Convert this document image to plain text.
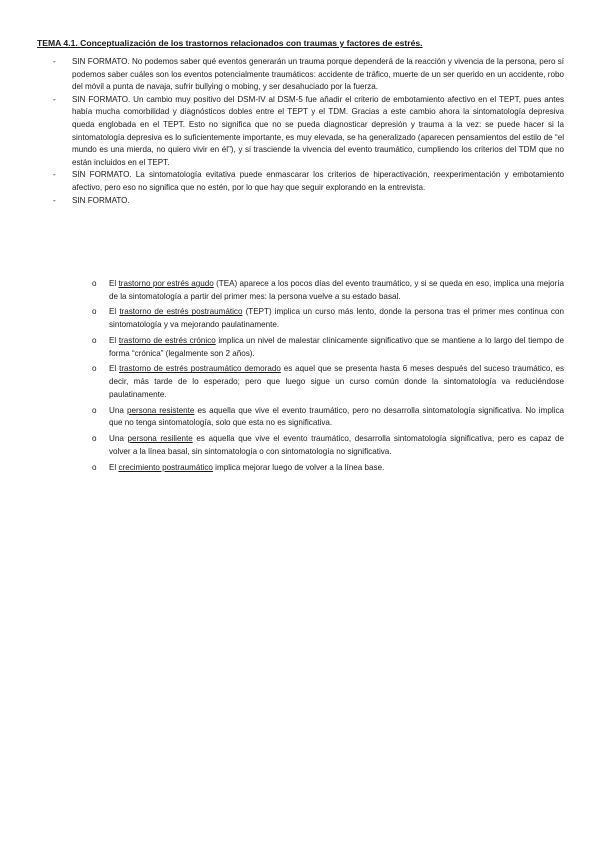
TEMA 4.1. Conceptualización de los trastornos relacionados con traumas y factores de estrés.

- SIN FORMATO. No podemos saber qué eventos generarán un trauma porque dependerá de la reacción y vivencia de la persona, pero sí podemos saber cuáles son los eventos potencialmente traumáticos: accidente de tráfico, muerte de un ser querido en un accidente, robo del móvil a punta de navaja, sufrir bullying o mobing, y ser desahuciado por la fuerza.
- SIN FORMATO. Un cambio muy positivo del DSM-IV al DSM-5 fue añadir el criterio de embotamiento afectivo en el TEPT, pues antes había mucha comorbilidad y diagnósticos dobles entre el TEPT y el TDM. Gracias a este cambio ahora la sintomatología depresiva queda englobada en el TEPT. Esto no significa que no se pueda diagnosticar depresión y trauma a la vez: se puede hacer si la sintomatología depresiva es lo suficientemente importante, es muy elevada, se ha generalizado (aparecen pensamientos del estilo de “el mundo es una mierda, no quiero vivir en él”), y si trasciende la vivencia del evento traumático, cumpliendo los criterios del TDM que no están incluidos en el TEPT.
- SIN FORMATO. La sintomatología evitativa puede enmascarar los criterios de hiperactivación, reexperimentación y embotamiento afectivo, pero eso no significa que no estén, por lo que hay que seguir explorando en la entrevista.
- SIN FORMATO.
o	El trastorno por estrés agudo (TEA) aparece a los pocos días del evento traumático, y si se queda en eso, implica una mejoría de la sintomatología a partir del primer mes: la persona vuelve a su estado basal.
o	El trastorno de estrés postraumático (TEPT) implica un curso más lento, donde la persona tras el primer mes continua con sintomatología y va mejorando paulatinamente.
o	El trastorno de estrés crónico implica un nivel de malestar clínicamente significativo que se mantiene a lo largo del tiempo de forma “crónica” (legalmente son 2 años).
o	El trastorno de estrés postraumático demorado es aquel que se presenta hasta 6 meses después del suceso traumático, es decir, más tarde de lo esperado; pero que luego sigue un curso común donde la sintomatología va reduciéndose paulatinamente.
o	Una persona resistente es aquella que vive el evento traumático, pero no desarrolla sintomatología significativa. No implica que no tenga sintomatología, solo que esta no es significativa.
o	Una persona resiliente es aquella que vive el evento traumático, desarrolla sintomatología significativa, pero es capaz de volver a la línea basal, sin sintomatología o con sintomatología no significativa.
o	El crecimiento postraumático implica mejorar luego de volver a la línea base.
